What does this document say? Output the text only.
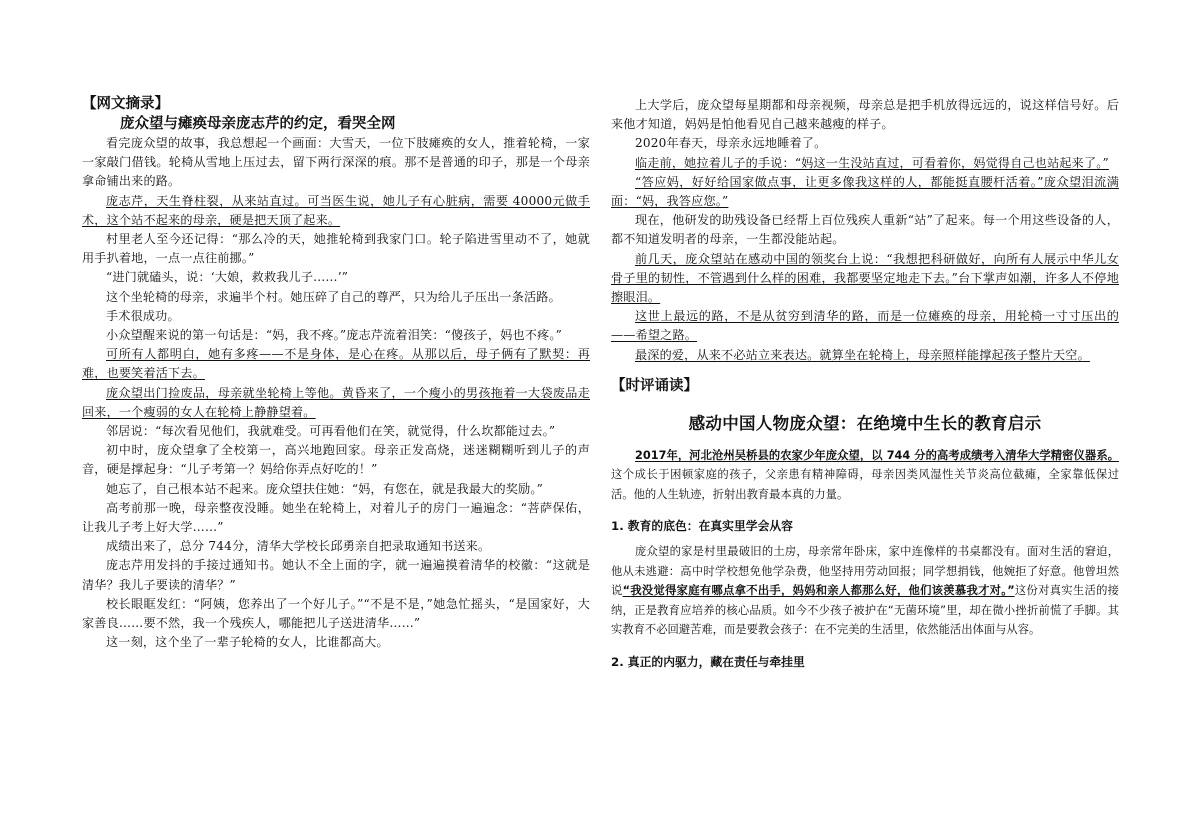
【网文摘录】
庞众望与瘫痪母亲庞志芹的约定，看哭全网

看完庞众望的故事，我总想起一个画面：大雪天，一位下肢瘫痪的女人，推着轮椅，一家一家敲门借钱。轮椅从雪地上压过去，留下两行深深的痕。那不是普通的印子，那是一个母亲拿命铺出来的路。

庞志芹，天生脊柱裂，从来站直过。可当医生说，她儿子有心脏病，需要 40000元做手术，这个站不起来的母亲，硬是把天顶了起来。

村里老人至今还记得：“那么冷的天，她推轮椅到我家门口。轮子陷进雪里动不了，她就用手扒着地，一点一点往前挪。”

“进门就磕头，说：‘大娘，救救我儿子……’”

这个坐轮椅的母亲，求遍半个村。她压碎了自己的尊严，只为给儿子压出一条活路。

手术很成功。

小众望醒来说的第一句话是：“妈，我不疼。”庞志芹流着泪笑：“傻孩子，妈也不疼。”

可所有人都明白，她有多疼——不是身体，是心在疼。从那以后，母子俩有了默契：再难，也要笑着活下去。

庞众望出门捡废品，母亲就坐轮椅上等他。黄昏来了，一个瘦小的男孩拖着一大袋废品走回来，一个瘦弱的女人在轮椅上静静望着。

邻居说：“每次看见他们，我就难受。可再看他们在笑，就觉得，什么坎都能过去。”

初中时，庞众望拿了全校第一，高兴地跑回家。母亲正发高烧，迷迷糊糊听到儿子的声音，硬是撑起身：“儿子考第一？妈给你弄点好吃的！”

她忘了，自己根本站不起来。庞众望扶住她：“妈，有您在，就是我最大的奖励。”

高考前那一晚，母亲整夜没睡。她坐在轮椅上，对着儿子的房门一遍遍念：“菩萨保佑，让我儿子考上好大学……”

成绩出来了，总分 744分，清华大学校长邱勇亲自把录取通知书送来。

庞志芹用发抖的手接过通知书。她认不全上面的字，就一遍遍摸着清华的校徽：“这就是清华？我儿子要读的清华？”

校长眼眶发红：“阿姨，您养出了一个好儿子。”“不是不是，”她急忙摇头，“是国家好，大家善良……要不然，我一个残疾人，哪能把儿子送进清华……”

这一刻，这个坐了一辈子轮椅的女人，比谁都高大。

上大学后，庞众望每星期都和母亲视频，母亲总是把手机放得远远的，说这样信号好。后来他才知道，妈妈是怕他看见自己越来越瘦的样子。

2020年春天，母亲永远地睡着了。

临走前，她拉着儿子的手说：“妈这一生没站直过，可看着你，妈觉得自己也站起来了。”

“答应妈，好好给国家做点事，让更多像我这样的人，都能挺直腰杆活着。”庞众望泪流满面：“妈，我答应您。”

现在，他研发的助残设备已经帮上百位残疾人重新“站”了起来。每一个用这些设备的人，都不知道发明者的母亲，一生都没能站起。

前几天，庞众望站在感动中国的领奖台上说：“我想把科研做好，向所有人展示中华儿女骨子里的韧性，不管遇到什么样的困难，我都要坚定地走下去。”台下掌声如潮，许多人不停地擦眼泪。

这世上最远的路，不是从贫穷到清华的路，而是一位瘫痪的母亲，用轮椅一寸寸压出的——希望之路。

最深的爱，从来不必站立来表达。就算坐在轮椅上，母亲照样能撑起孩子整片天空。

【时评诵读】
感动中国人物庞众望：在绝境中生长的教育启示

2017年，河北沧州吴桥县的农家少年庞众望，以 744 分的高考成绩考入清华大学精密仪器系。这个成长于困顿家庭的孩子，父亲患有精神障碍，母亲因类风湿性关节炎高位截瘫，全家靠低保过活。他的人生轨迹，折射出教育最本真的力量。

1. 教育的底色：在真实里学会从容

庞众望的家是村里最破旧的土房，母亲常年卧床，家中连像样的书桌都没有。面对生活的窘迫，他从未逃避：高中时学校想免他学杂费，他坚持用劳动回报；同学想捐钱，他婉拒了好意。他曾坦然说“我没觉得家庭有哪点拿不出手，妈妈和亲人都那么好，他们该羡慕我才对。”这份对真实生活的接纳，正是教育应培养的核心品质。如今不少孩子被护在“无菌环境”里，却在微小挫折前慌了手脚。其实教育不必回避苦难，而是要教会孩子：在不完美的生活里，依然能活出体面与从容。

2. 真正的内驱力，藏在责任与牵挂里
